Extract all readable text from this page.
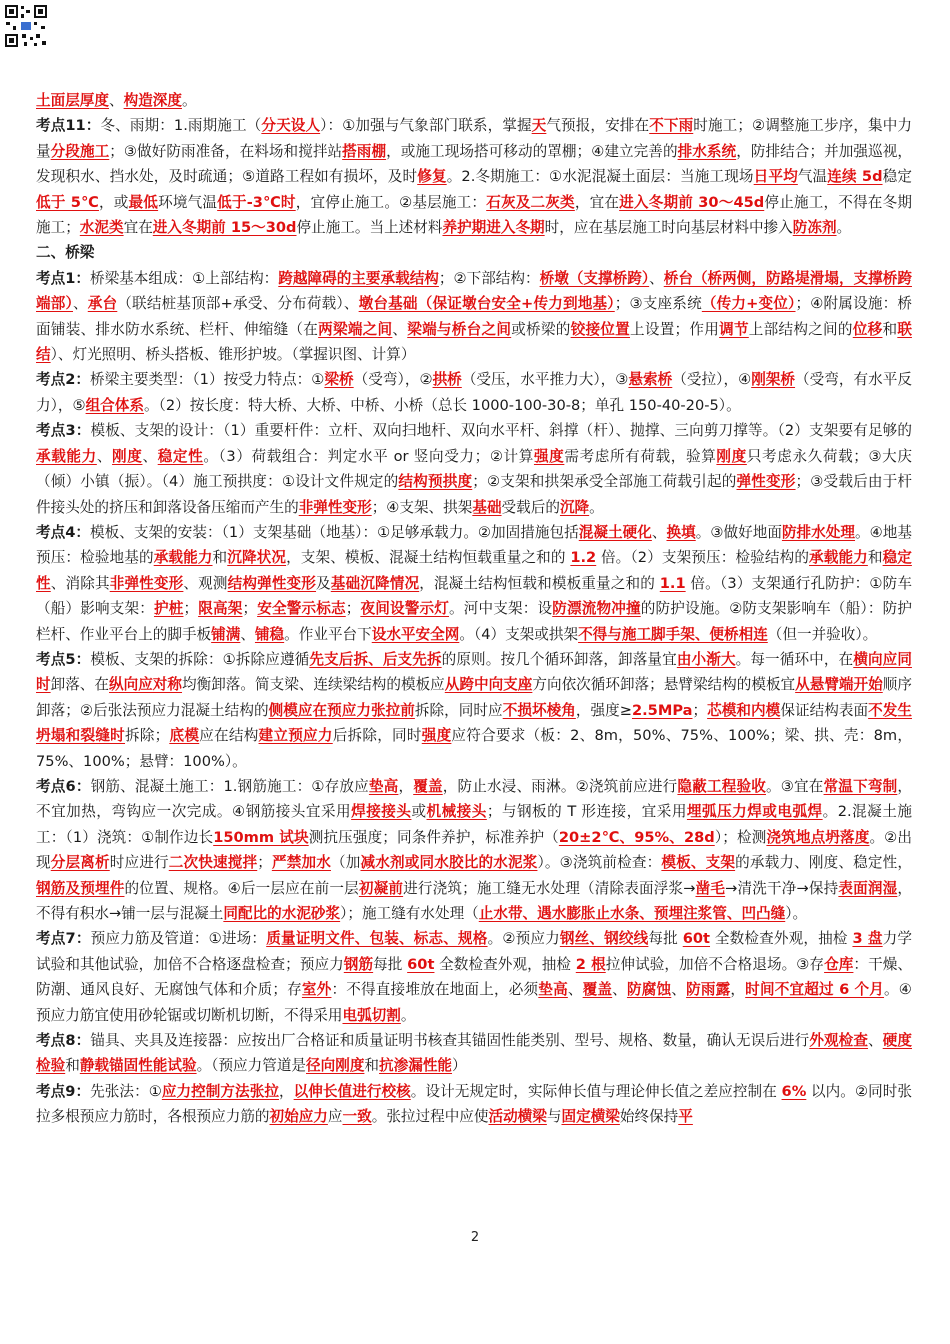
土面层厚度、构造深度。

考点11：冬、雨期：1.雨期施工（分天设人）：①加强与气象部门联系，掌握天气预报，安排在不下雨时施工；②调整施工步序，集中力量分段施工；③做好防雨准备，在料场和搅拌站搭雨棚，或施工现场搭可移动的罩棚；④建立完善的排水系统，防排结合；并加强巡视，发现积水、挡水处，及时疏通；⑤道路工程如有损坏，及时修复。2.冬期施工：①水泥混凝土面层：当施工现场日平均气温连续 5d稳定低于 5℃，或最低环境气温低于-3℃时，宜停止施工。②基层施工：石灰及二灰类，宜在进入冬期前 30～45d停止施工，不得在冬期施工；水泥类宜在进入冬期前 15～30d停止施工。当上述材料养护期进入冬期时，应在基层施工时向基层材料中掺入防冻剂。

二、桥梁

考点1：桥梁基本组成：①上部结构：跨越障碍的主要承载结构；②下部结构：桥墩（支撑桥跨）、桥台（桥两侧，防路堤滑塌，支撑桥跨端部）、承台（联结桩基顶部+承受、分布荷载）、墩台基础（保证墩台安全+传力到地基）；③支座系统（传力+变位）；④附属设施：桥面铺装、排水防水系统、栏杆、伸缩缝（在两梁端之间、梁端与桥台之间或桥梁的铰接位置上设置；作用调节上部结构之间的位移和联结）、灯光照明、桥头搭板、锥形护坡。（掌握识图、计算）

考点2：桥梁主要类型：（1）按受力特点：①梁桥（受弯），②拱桥（受压，水平推力大），③悬索桥（受拉），④刚架桥（受弯，有水平反力），⑤组合体系。（2）按长度：特大桥、大桥、中桥、小桥（总长 1000-100-30-8；单孔 150-40-20-5）。

考点3：模板、支架的设计：（1）重要杆件：立杆、双向扫地杆、双向水平杆、斜撑（杆）、抛撑、三向剪刀撑等。（2）支架要有足够的承载能力、刚度、稳定性。（3）荷载组合：判定水平 or 竖向受力；②计算强度需考虑所有荷载，验算刚度只考虑永久荷载；③大庆（倾）小镇（振）。（4）施工预拱度：①设计文件规定的结构预拱度；②支架和拱架承受全部施工荷载引起的弹性变形；③受载后由于杆件接头处的挤压和卸落设备压缩而产生的非弹性变形；④支架、拱架基础受载后的沉降。

考点4：模板、支架的安装：（1）支架基础（地基）：①足够承载力。②加固措施包括混凝土硬化、换填。③做好地面防排水处理。④地基预压：检验地基的承载能力和沉降状况，支架、模板、混凝土结构恒载重量之和的 1.2 倍。（2）支架预压：检验结构的承载能力和稳定性、消除其非弹性变形、观测结构弹性变形及基础沉降情况，混凝土结构恒载和模板重量之和的 1.1 倍。（3）支架通行孔防护：①防车（船）影响支架：护桩；限高架；安全警示标志；夜间设警示灯。河中支架：设防漂流物冲撞的防护设施。②防支架影响车（船）：防护栏杆、作业平台上的脚手板铺满、铺稳。作业平台下设水平安全网。（4）支架或拱架不得与施工脚手架、便桥相连（但一并验收）。

考点5：模板、支架的拆除：①拆除应遵循先支后拆、后支先拆的原则。按几个循环卸落，卸落量宜由小渐大。每一循环中，在横向应同时卸落、在纵向应对称均衡卸落。简支梁、连续梁结构的模板应从跨中向支座方向依次循环卸落；悬臂梁结构的模板宜从悬臂端开始顺序卸落；②后张法预应力混凝土结构的侧模应在预应力张拉前拆除，同时应不损坏棱角，强度≥2.5MPa；芯模和内模保证结构表面不发生坍塌和裂缝时拆除；底模应在结构建立预应力后拆除，同时强度应符合要求（板：2、8m，50%、75%、100%；梁、拱、壳：8m，75%、100%；悬臂：100%）。

考点6：钢筋、混凝土施工：1.钢筋施工：①存放应垫高，覆盖，防止水浸、雨淋。②浇筑前应进行隐蔽工程验收。③宜在常温下弯制，不宜加热，弯钩应一次完成。④钢筋接头宜采用焊接接头或机械接头；与钢板的 T 形连接，宜采用埋弧压力焊或电弧焊。2.混凝土施工：（1）浇筑：①制作边长150mm 试块测抗压强度；同条件养护，标准养护（20±2℃、95%、28d）；检测浇筑地点坍落度。②出现分层离析时应进行二次快速搅拌；严禁加水（加减水剂或同水胶比的水泥浆）。③浇筑前检查：模板、支架的承载力、刚度、稳定性，钢筋及预埋件的位置、规格。④后一层应在前一层初凝前进行浇筑；施工缝无水处理（清除表面浮浆→凿毛→清洗干净→保持表面润湿，不得有积水→铺一层与混凝土同配比的水泥砂浆）；施工缝有水处理（止水带、遇水膨胀止水条、预埋注浆管、凹凸缝）。

考点7：预应力筋及管道：①进场：质量证明文件、包装、标志、规格。②预应力钢丝、钢绞线每批 60t 全数检查外观，抽检 3 盘力学试验和其他试验，加倍不合格逐盘检查；预应力钢筋每批 60t 全数检查外观，抽检 2 根拉伸试验，加倍不合格退场。③存仓库：干燥、防潮、通风良好、无腐蚀气体和介质；存室外：不得直接堆放在地面上，必须垫高、覆盖、防腐蚀、防雨露，时间不宜超过 6 个月。④预应力筋宜使用砂轮锯或切断机切断，不得采用电弧切割。

考点8：锚具、夹具及连接器：应按出厂合格证和质量证明书核查其锚固性能类别、型号、规格、数量，确认无误后进行外观检查、硬度检验和静载锚固性能试验。（预应力管道是径向刚度和抗渗漏性能）

考点9：先张法：①应力控制方法张拉，以伸长值进行校核。设计无规定时，实际伸长值与理论伸长值之差应控制在 6% 以内。②同时张拉多根预应力筋时，各根预应力筋的初始应力应一致。张拉过程中应使活动横梁与固定横梁始终保持平

2
